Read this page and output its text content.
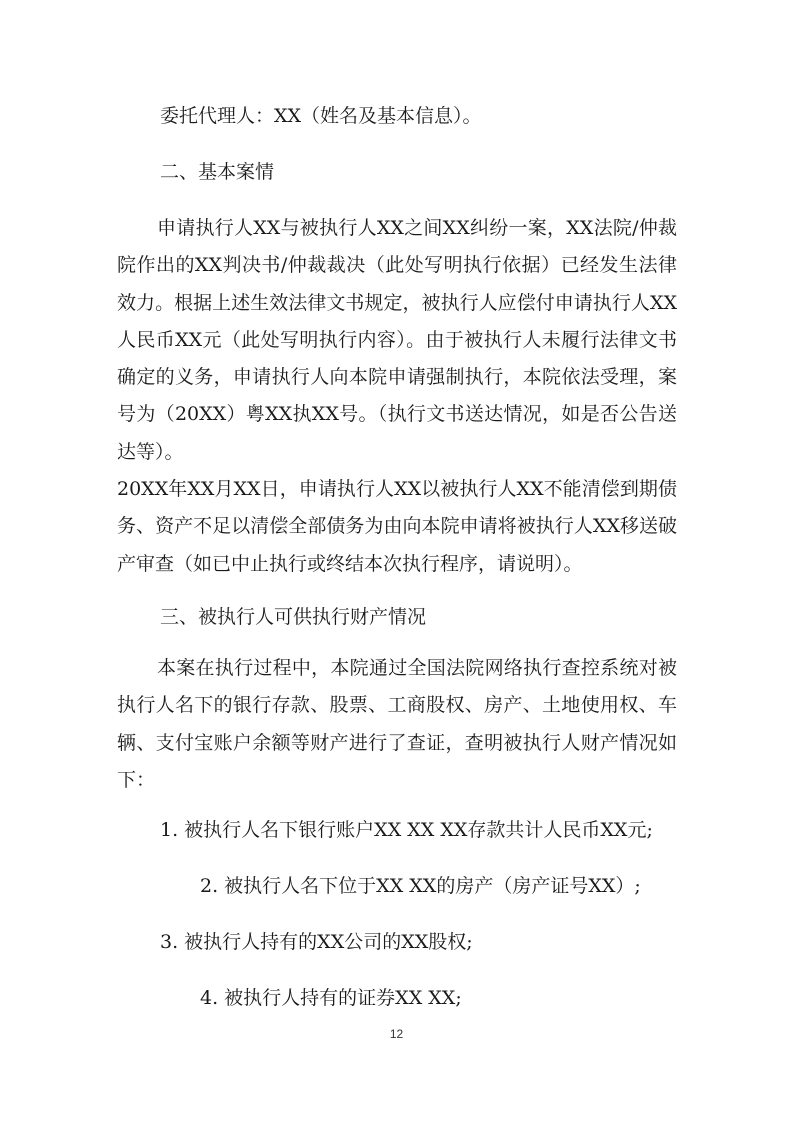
委托代理人：XX（姓名及基本信息）。
二、基本案情

申请执行人XX与被执行人XX之间XX纠纷一案，XX法院/仲裁院作出的XX判决书/仲裁裁决（此处写明执行依据）已经发生法律效力。根据上述生效法律文书规定，被执行人应偿付申请执行人XX人民币XX元（此处写明执行内容）。由于被执行人未履行法律文书确定的义务，申请执行人向本院申请强制执行，本院依法受理，案号为（20XX）粤XX执XX号。（执行文书送达情况，如是否公告送达等）。

20XX年XX月XX日，申请执行人XX以被执行人XX不能清偿到期债务、资产不足以清偿全部债务为由向本院申请将被执行人XX移送破产审查（如已中止执行或终结本次执行程序，请说明）。

三、被执行人可供执行财产情况
本案在执行过程中，本院通过全国法院网络执行查控系统对被执行人名下的银行存款、股票、工商股权、房产、土地使用权、车辆、支付宝账户余额等财产进行了查证，查明被执行人财产情况如下：
1. 被执行人名下银行账户XX XX XX存款共计人民币XX元;
2. 被执行人名下位于XX XX的房产（房产证号XX）;
3. 被执行人持有的XX公司的XX股权;
4. 被执行人持有的证券XX XX;
12
